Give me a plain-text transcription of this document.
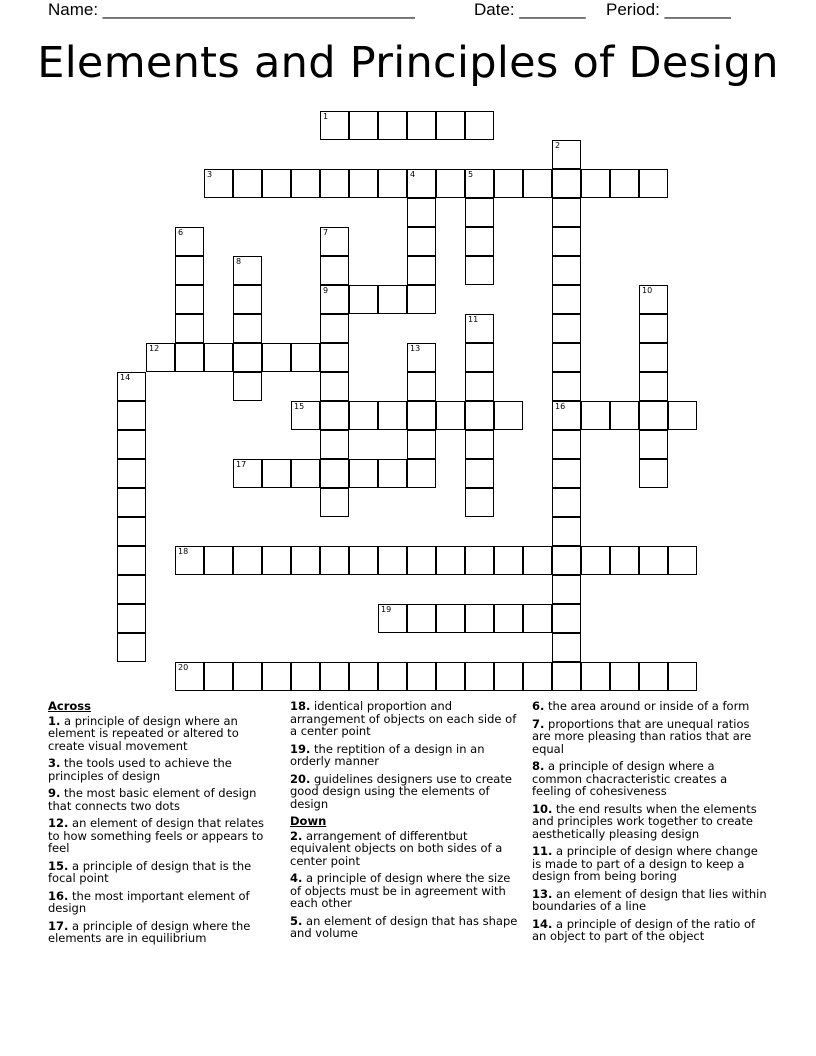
Name: _________________________________	Date: _______ Period: _______
Elements and Principles of Design
1
2
16
3	4	5
6	7
9
8
10
11
12	13
14
15
17
18
19
20
Across
1. a principle of design where an element is repeated or altered to create visual movement
3. the tools used to achieve the principles of design
9. the most basic element of design that connects two dots
12. an element of design that relates to how something feels or appears to feel
15. a principle of design that is the focal point
16. the most important element of design
17. a principle of design where the elements are in equilibrium
18. identical proportion and arrangement of objects on each side of a center point
19. the reptition of a design in an orderly manner
20. guidelines designers use to create good design using the elements of design
Down
2. arrangement of differentbut equivalent objects on both sides of a center point
4. a principle of design where the size of objects must be in agreement with each other
5. an element of design that has shape and volume
6. the area around or inside of a form
7. proportions that are unequal ratios are more pleasing than ratios that are equal
8. a principle of design where a common chacracteristic creates a feeling of cohesiveness
10. the end results when the elements and principles work together to create aesthetically pleasing design
11. a principle of design where change is made to part of a design to keep a design from being boring
13. an element of design that lies within boundaries of a line
14. a principle of design of the ratio of an object to part of the object
